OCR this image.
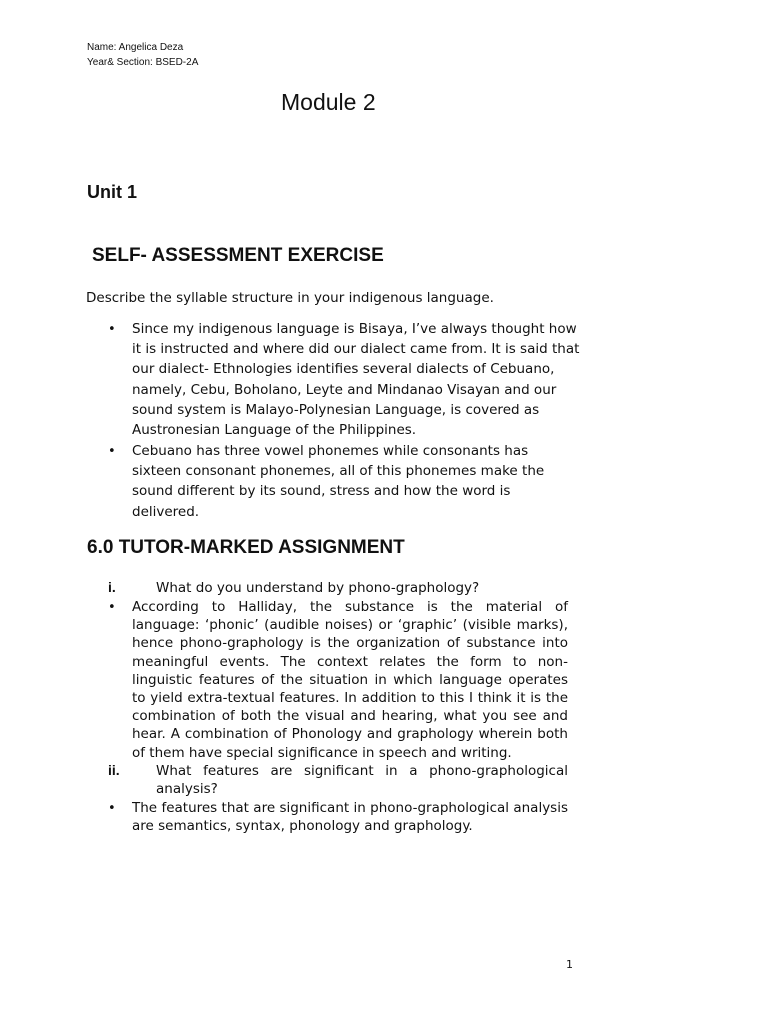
Name: Angelica Deza
Year& Section: BSED-2A
Module 2
Unit 1
SELF- ASSESSMENT EXERCISE
Describe the syllable structure in your indigenous language.
• Since my indigenous language is Bisaya, I’ve always thought how it is instructed and where did our dialect came from. It is said that our dialect- Ethnologies identifies several dialects of Cebuano, namely, Cebu, Boholano, Leyte and Mindanao Visayan and our sound system is Malayo-Polynesian Language, is covered as Austronesian Language of the Philippines.
• Cebuano has three vowel phonemes while consonants has sixteen consonant phonemes, all of this phonemes make the sound different by its sound, stress and how the word is delivered.
6.0 TUTOR-MARKED ASSIGNMENT
i.	What do you understand by phono-graphology?
• According to Halliday, the substance is the material of language: ‘phonic’ (audible noises) or ‘graphic’ (visible marks), hence phono-graphology is the organization of substance into meaningful events. The context relates the form to non-linguistic features of the situation in which language operates to yield extra-textual features. In addition to this I think it is the combination of both the visual and hearing, what you see and hear. A combination of Phonology and graphology wherein both of them have special significance in speech and writing.
ii.	What features are significant in a phono-graphological analysis?
• The features that are significant in phono-graphological analysis are semantics, syntax, phonology and graphology.
1
